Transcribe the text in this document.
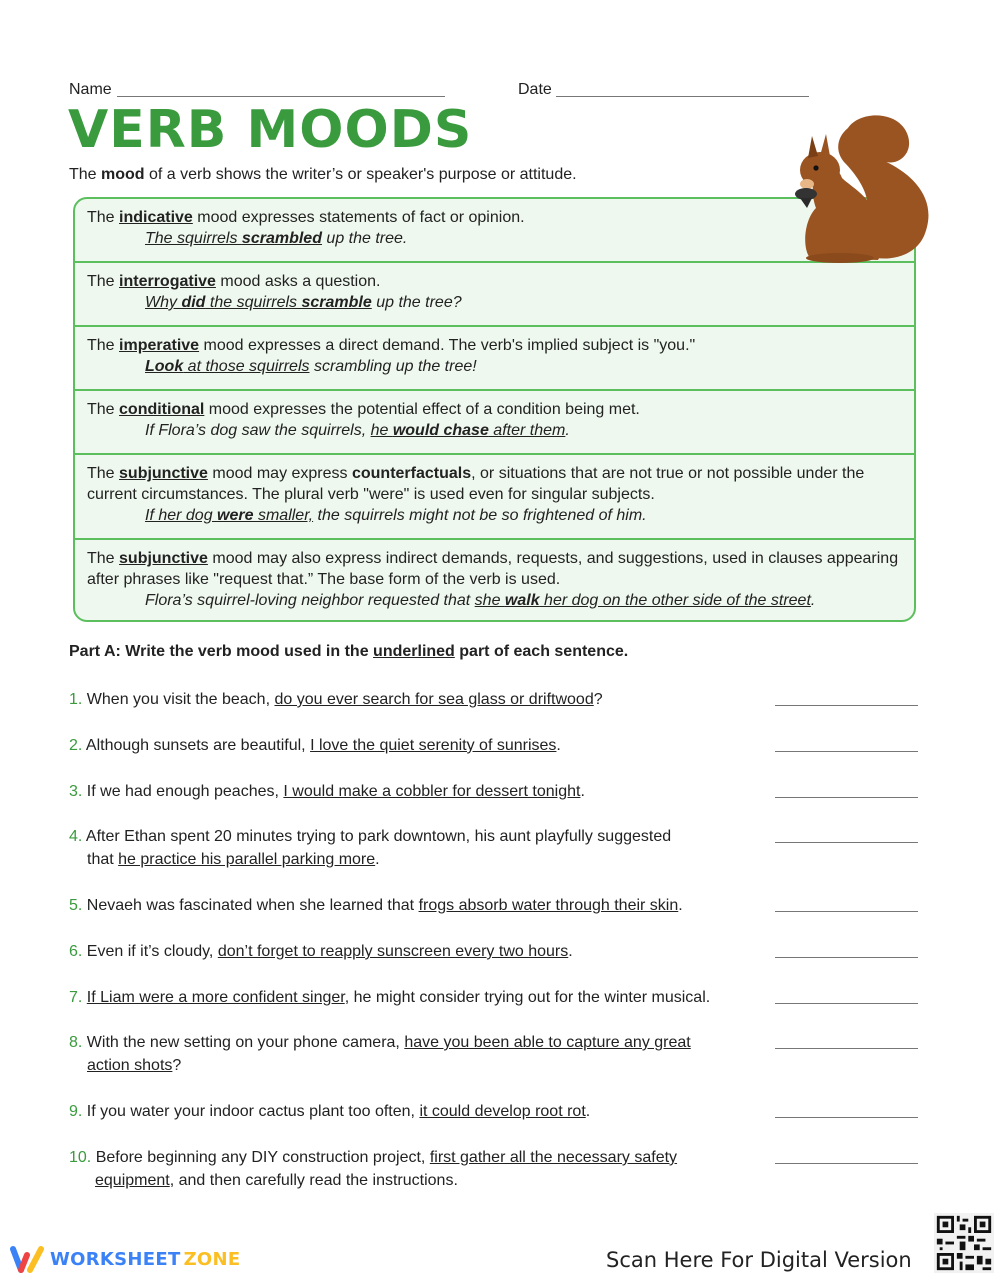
Name	Date
VERB MOODS
The mood of a verb shows the writer’s or speaker's purpose or attitude.
The indicative mood expresses statements of fact or opinion.
The squirrels scrambled up the tree.
The interrogative mood asks a question.
Why did the squirrels scramble up the tree?
The imperative mood expresses a direct demand. The verb's implied subject is "you."
Look at those squirrels scrambling up the tree!
The conditional mood expresses the potential effect of a condition being met.
If Flora’s dog saw the squirrels, he would chase after them.
The subjunctive mood may express counterfactuals, or situations that are not true or not possible under the current circumstances. The plural verb "were" is used even for singular subjects.
If her dog were smaller, the squirrels might not be so frightened of him.
The subjunctive mood may also express indirect demands, requests, and suggestions, used in clauses appearing after phrases like "request that.” The base form of the verb is used.
Flora’s squirrel-loving neighbor requested that she walk her dog on the other side of the street.
Part A: Write the verb mood used in the underlined part of each sentence.
1. When you visit the beach, do you ever search for sea glass or driftwood?
2. Although sunsets are beautiful, I love the quiet serenity of sunrises.
3. If we had enough peaches, I would make a cobbler for dessert tonight.
4. After Ethan spent 20 minutes trying to park downtown, his aunt playfully suggested
that he practice his parallel parking more.
5. Nevaeh was fascinated when she learned that frogs absorb water through their skin.
6. Even if it’s cloudy, don’t forget to reapply sunscreen every two hours.
7. If Liam were a more confident singer, he might consider trying out for the winter musical.
8. With the new setting on your phone camera, have you been able to capture any great
action shots?
9. If you water your indoor cactus plant too often, it could develop root rot.
10. Before beginning any DIY construction project, first gather all the necessary safety
equipment, and then carefully read the instructions.
WORKSHEET ZONE	Scan Here For Digital Version
